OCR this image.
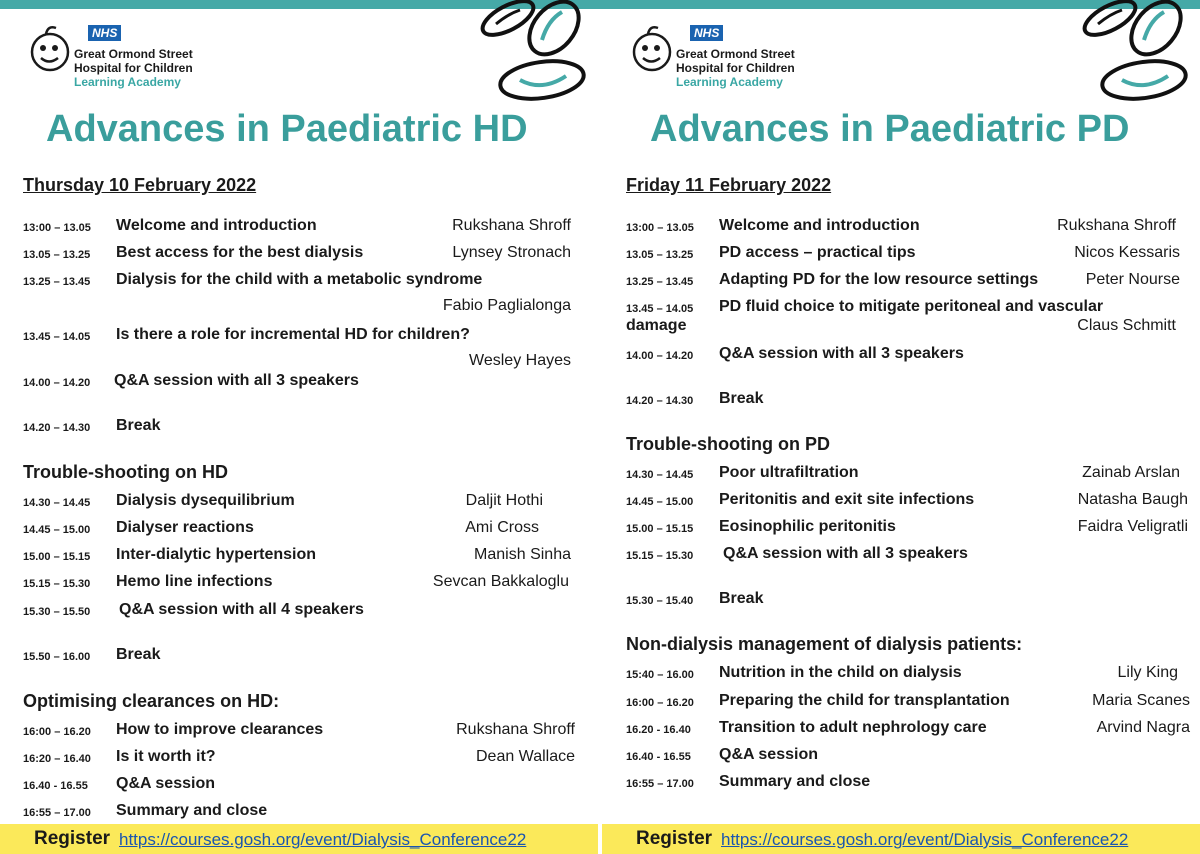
NHS
Great Ormond Street
Hospital for Children
Learning Academy
Advances in Paediatric HD
Thursday 10 February 2022
13:00 – 13.05 Welcome and introduction	Rukshana Shroff
13.05 – 13.25 Best access for the best dialysis	Lynsey Stronach
13.25 – 13.45 Dialysis for the child with a metabolic syndrome
Fabio Paglialonga
13.45 – 14.05 Is there a role for incremental HD for children?
Wesley Hayes
14.00 – 14.20 Q&A session with all 3 speakers
14.20 – 14.30 Break
Trouble-shooting on HD
14.30 – 14.45 Dialysis dysequilibrium	Daljit Hothi
14.45 – 15.00 Dialyser reactions	Ami Cross
15.00 – 15.15 Inter-dialytic hypertension	Manish Sinha
15.15 – 15.30 Hemo line infections	Sevcan Bakkaloglu
15.30 – 15.50 Q&A session with all 4 speakers
15.50 – 16.00 Break
Optimising clearances on HD:
16:00 – 16.20 How to improve clearances	Rukshana Shroff
16:20 – 16.40 Is it worth it?	Dean Wallace
16.40 - 16.55 Q&A session
16:55 – 17.00 Summary and close
Register https://courses.gosh.org/event/Dialysis_Conference22
NHS
Great Ormond Street
Hospital for Children
Learning Academy
Advances in Paediatric PD
Friday 11 February 2022
13:00 – 13.05 Welcome and introduction	Rukshana Shroff
13.05 – 13.25 PD access – practical tips	Nicos Kessaris
13.25 – 13.45 Adapting PD for the low resource settings	Peter Nourse
13.45 – 14.05 PD fluid choice to mitigate peritoneal and vascular
damage	Claus Schmitt
14.00 – 14.20 Q&A session with all 3 speakers
14.20 – 14.30 Break
Trouble-shooting on PD
14.30 – 14.45 Poor ultrafiltration	Zainab Arslan
14.45 – 15.00 Peritonitis and exit site infections	Natasha Baugh
15.00 – 15.15 Eosinophilic peritonitis	Faidra Veligratli
15.15 – 15.30 Q&A session with all 3 speakers
15.30 – 15.40 Break
Non-dialysis management of dialysis patients:
15:40 – 16.00 Nutrition in the child on dialysis	Lily King
16:00 – 16.20 Preparing the child for transplantation	Maria Scanes
16.20 - 16.40 Transition to adult nephrology care	Arvind Nagra
16.40 - 16.55 Q&A session
16:55 – 17.00 Summary and close
Register https://courses.gosh.org/event/Dialysis_Conference22
